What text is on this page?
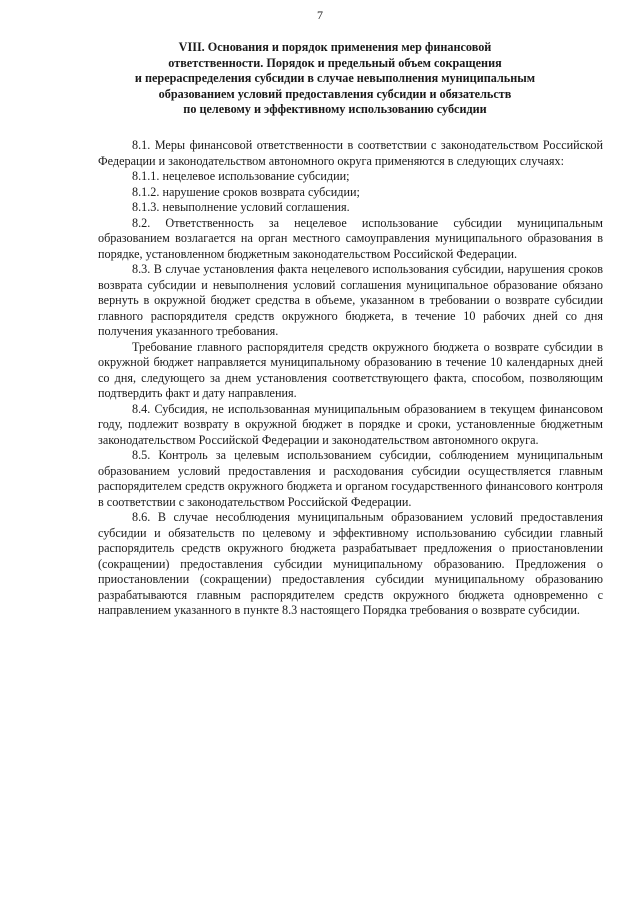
7
VIII. Основания и порядок применения мер финансовой
ответственности. Порядок и предельный объем сокращения
и перераспределения субсидии в случае невыполнения муниципальным
образованием условий предоставления субсидии и обязательств
по целевому и эффективному использованию субсидии

8.1. Меры финансовой ответственности в соответствии с законодательством Российской Федерации и законодательством автономного округа применяются в следующих случаях:

8.1.1. нецелевое использование субсидии;

8.1.2. нарушение сроков возврата субсидии;

8.1.3. невыполнение условий соглашения.

8.2. Ответственность за нецелевое использование субсидии муниципальным образованием возлагается на орган местного самоуправления муниципального образования в порядке, установленном бюджетным законодательством Российской Федерации.

8.3. В случае установления факта нецелевого использования субсидии, нарушения сроков возврата субсидии и невыполнения условий соглашения муниципальное образование обязано вернуть в окружной бюджет средства в объеме, указанном в требовании о возврате субсидии главного распорядителя средств окружного бюджета, в течение 10 рабочих дней со дня получения указанного требования.

Требование главного распорядителя средств окружного бюджета о возврате субсидии в окружной бюджет направляется муниципальному образованию в течение 10 календарных дней со дня, следующего за днем установления соответствующего факта, способом, позволяющим подтвердить факт и дату направления.

8.4. Субсидия, не использованная муниципальным образованием в текущем финансовом году, подлежит возврату в окружной бюджет в порядке и сроки, установленные бюджетным законодательством Российской Федерации и законодательством автономного округа.

8.5. Контроль за целевым использованием субсидии, соблюдением муниципальным образованием условий предоставления и расходования субсидии осуществляется главным распорядителем средств окружного бюджета и органом государственного финансового контроля в соответствии с законодательством Российской Федерации.

8.6. В случае несоблюдения муниципальным образованием условий предоставления субсидии и обязательств по целевому и эффективному использованию субсидии главный распорядитель средств окружного бюджета разрабатывает предложения о приостановлении (сокращении) предоставления субсидии муниципальному образованию. Предложения о приостановлении (сокращении) предоставления субсидии муниципальному образованию разрабатываются главным распорядителем средств окружного бюджета одновременно с направлением указанного в пункте 8.3 настоящего Порядка требования о возврате субсидии.
